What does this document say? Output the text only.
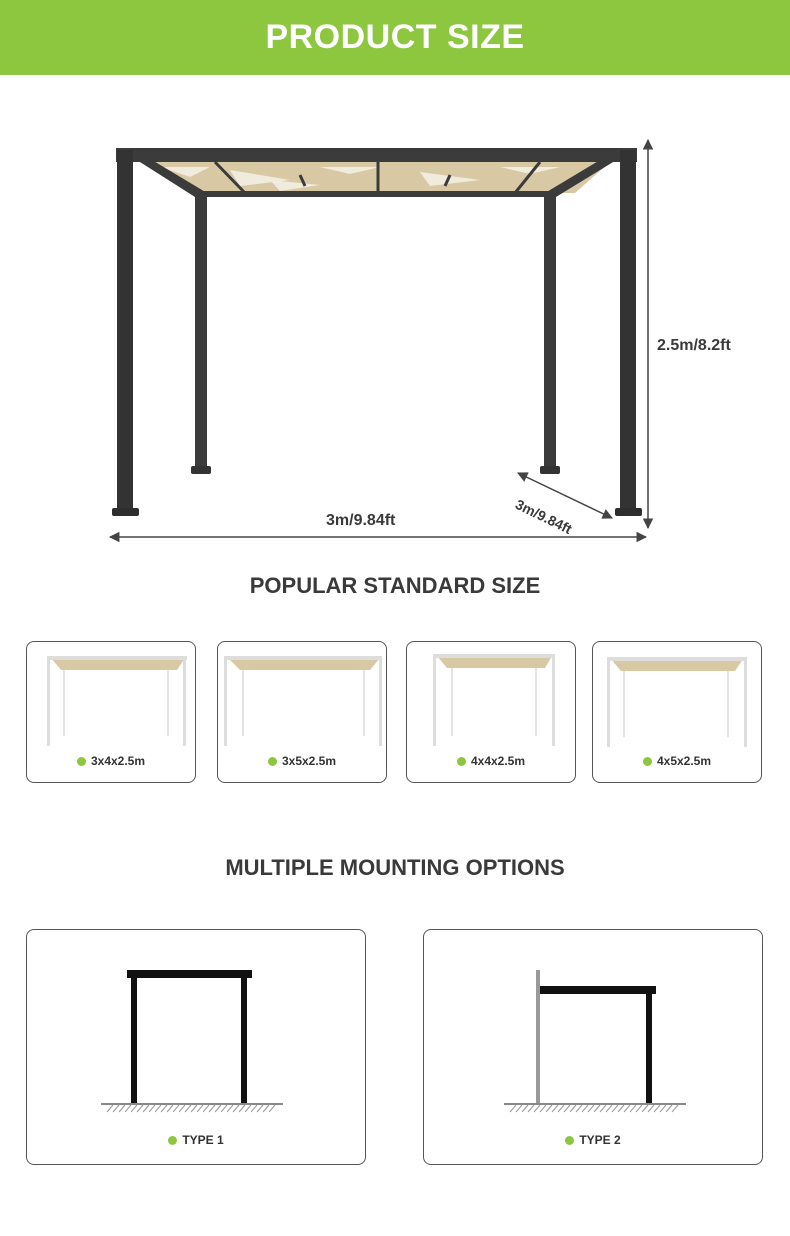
PRODUCT SIZE
2.5m/8.2ft
3m/9.84ft	3m/9.84ft
POPULAR STANDARD SIZE
3x4x2.5m	3x5x2.5m	4x4x2.5m	4x5x2.5m
MULTIPLE MOUNTING OPTIONS
TYPE 1	TYPE 2
